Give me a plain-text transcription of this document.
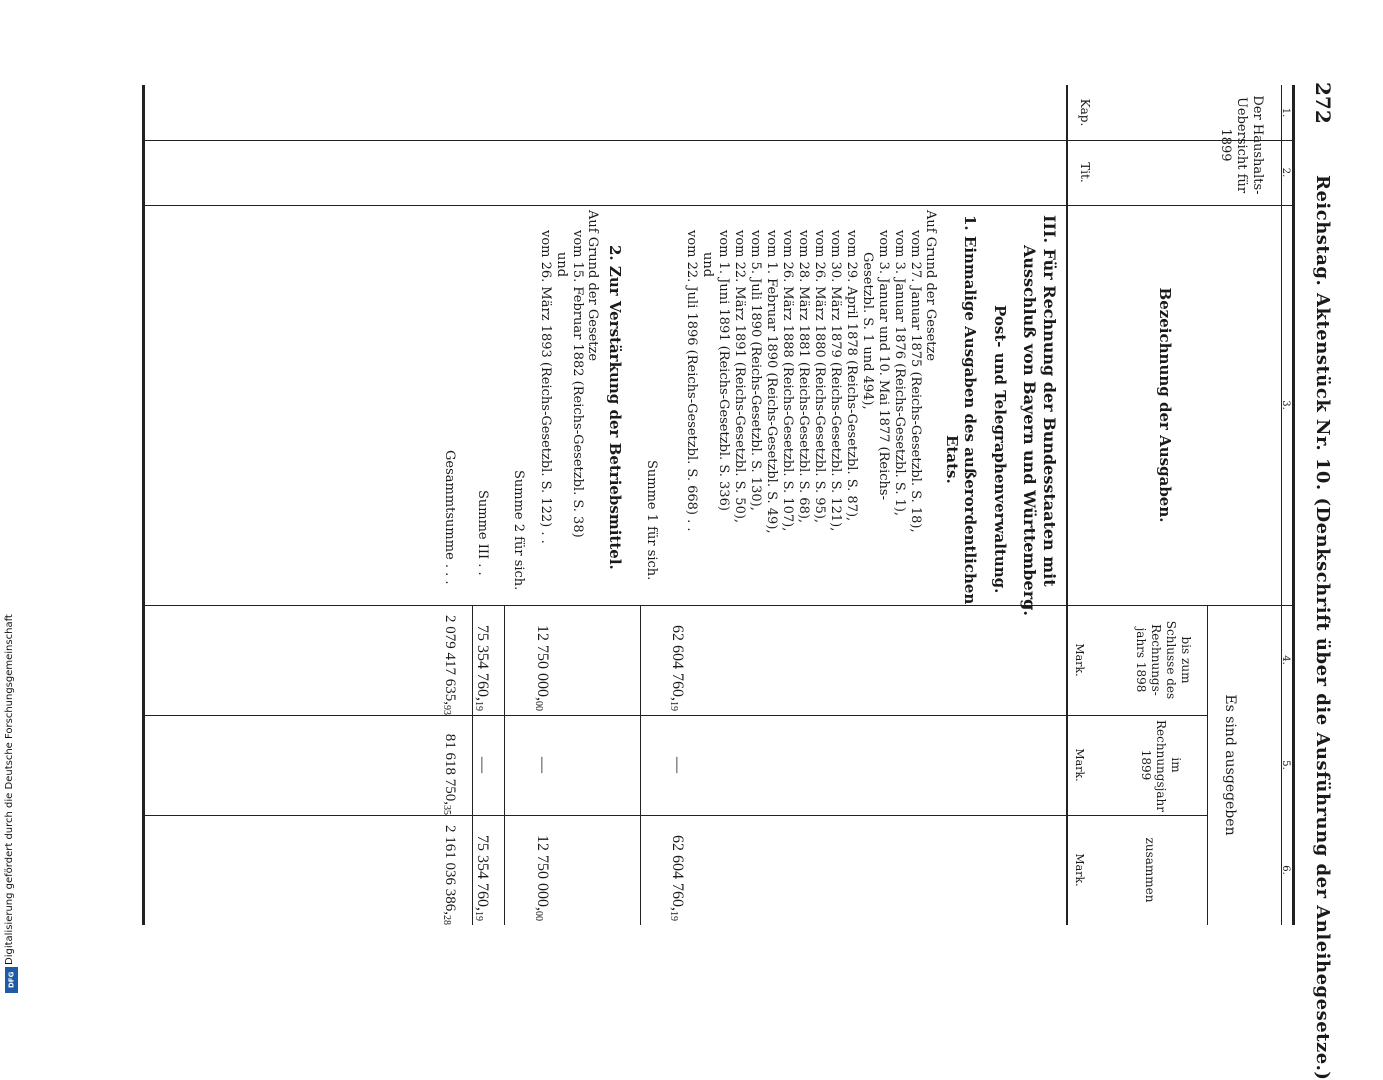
272
Reichstag. Aktenstück Nr. 10. (Denkschrift über die Ausführung der Anleihegesetze.)
1.
2.
3.
4.
5.
6.
Der Haushalts-Uebersicht für 1899
Kap.
Tit.
Bezeichnung der Ausgaben.
Es sind ausgegeben
bis zum Schlusse des Rechnungs-jahrs 1898
im Rechnungsjahr 1899
zusammen
Mark.
Mark.
Mark.
III. Für Rechnung der Bundesstaaten mit
Ausschluß von Bayern und Württemberg.
Post- und Telegraphenverwaltung.
1. Einmalige Ausgaben des außerordentlichen
Etats.
Auf Grund der Gesetze
vom 27. Januar 1875 (Reichs-Gesetzbl. S. 18),
vom 3. Januar 1876 (Reichs-Gesetzbl. S. 1),
vom 3. Januar und 10. Mai 1877 (Reichs-
Gesetzbl. S. 1 und 494),
vom 29. April 1878 (Reichs-Gesetzbl. S. 87),
vom 30. März 1879 (Reichs-Gesetzbl. S. 121),
vom 26. März 1880 (Reichs-Gesetzbl. S. 95),
vom 28. März 1881 (Reichs-Gesetzbl. S. 68),
vom 26. März 1888 (Reichs-Gesetzbl. S. 107),
vom 1. Februar 1890 (Reichs-Gesetzbl. S. 49),
vom 5. Juli 1890 (Reichs-Gesetzbl. S. 130),
vom 22. März 1891 (Reichs-Gesetzbl. S. 50),
vom 1. Juni 1891 (Reichs-Gesetzbl. S. 336)
und
vom 22. Juli 1896 (Reichs-Gesetzbl. S. 668) . .
Summe 1 für sich.
62 604 $760,_{19}$
—
62 604 $760,_{19}$
2. Zur Verstärkung der Betriebsmittel.
Auf Grund der Gesetze
vom 15. Februar 1882 (Reichs-Gesetzbl. S. 38)
und
vom 26. März 1893 (Reichs-Gesetzbl. S. 122) . .
Summe 2 für sich.
12 750 $000,_{00}$
—
12 750 $000,_{00}$
Summe III . .
75 354 $760,_{19}$
—
75 354 $760,_{19}$
Gesammtsumme . . .
2 079 417 $635,_{93}$
81 618 $750,_{35}$
2 161 036 $386,_{28}$
Digitalisierung gefördert durch die Deutsche Forschungsgemeinschaft
DFG
